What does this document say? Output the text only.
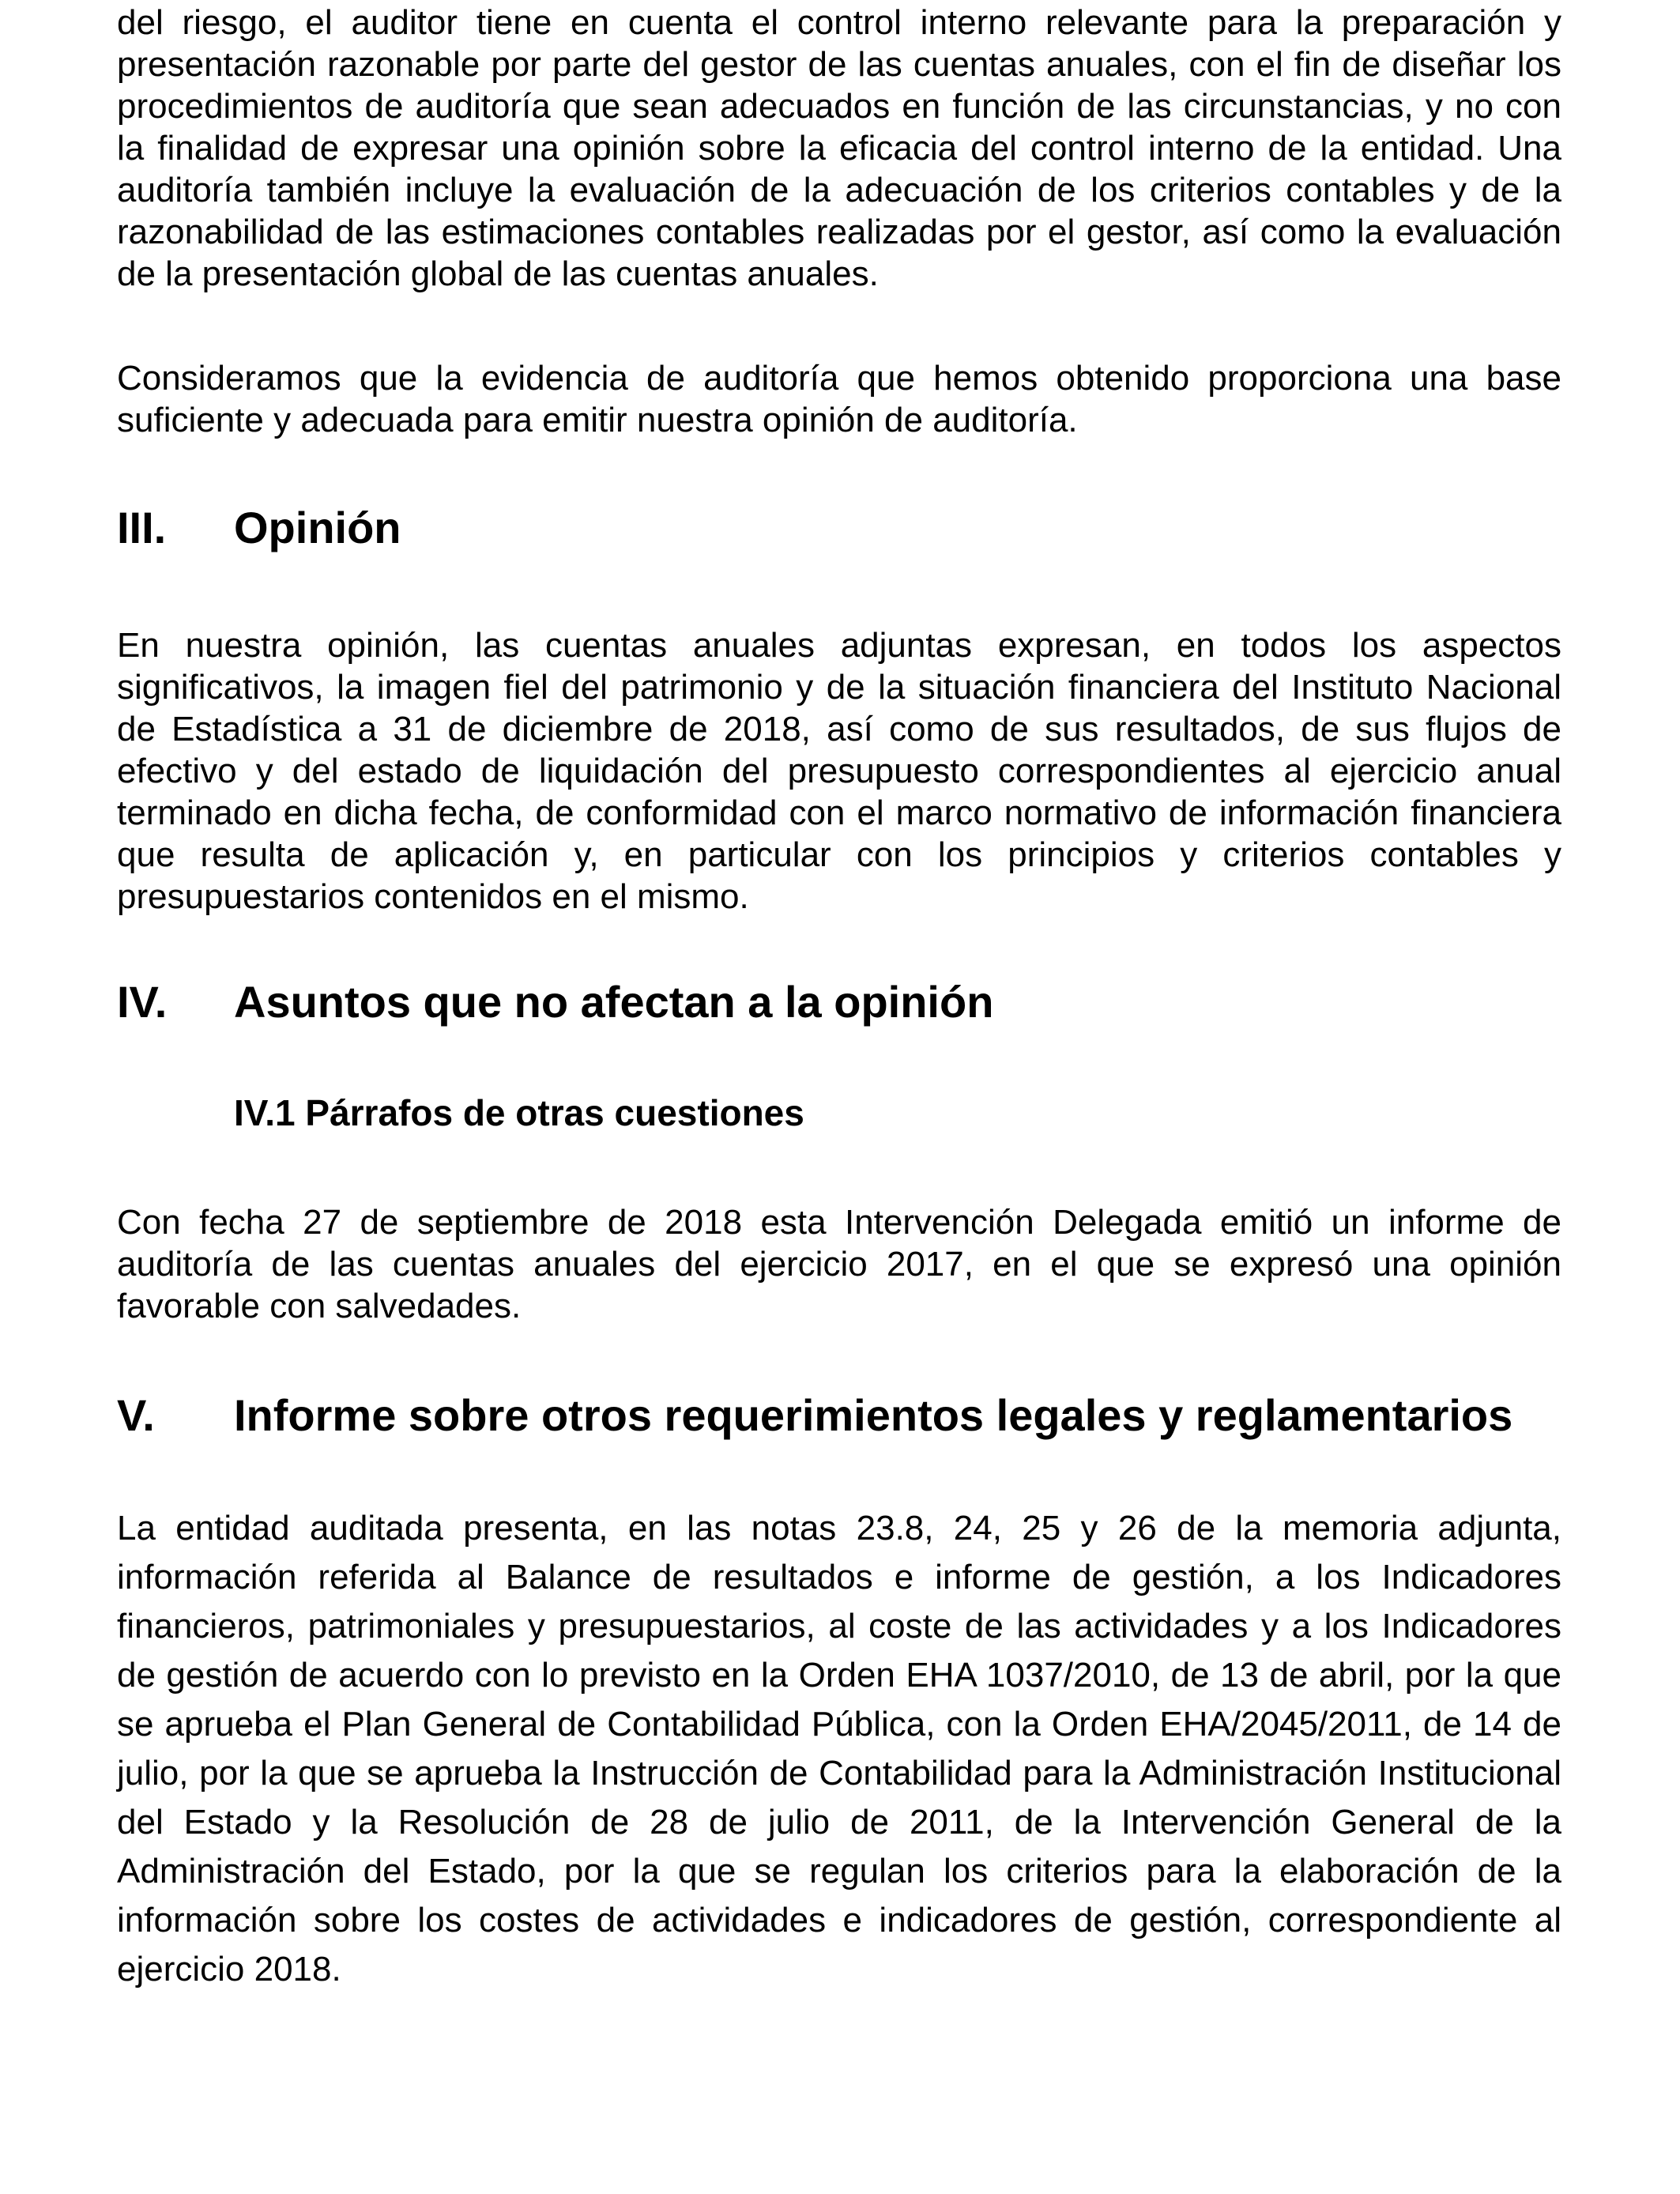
del riesgo, el auditor tiene en cuenta el control interno relevante para la preparación y presentación razonable por parte del gestor de las cuentas anuales, con el fin de diseñar los procedimientos de auditoría que sean adecuados en función de las circunstancias, y no con la finalidad de expresar una opinión sobre la eficacia del control interno de la entidad. Una auditoría también incluye la evaluación de la adecuación de los criterios contables y de la razonabilidad de las estimaciones contables realizadas por el gestor, así como la evaluación de la presentación global de las cuentas anuales.

Consideramos que la evidencia de auditoría que hemos obtenido proporciona una base suficiente y adecuada para emitir nuestra opinión de auditoría.

III. Opinión

En nuestra opinión, las cuentas anuales adjuntas expresan, en todos los aspectos significativos, la imagen fiel del patrimonio y de la situación financiera del Instituto Nacional de Estadística a 31 de diciembre de 2018, así como de sus resultados, de sus flujos de efectivo y del estado de liquidación del presupuesto correspondientes al ejercicio anual terminado en dicha fecha, de conformidad con el marco normativo de información financiera que resulta de aplicación y, en particular con los principios y criterios contables y presupuestarios contenidos en el mismo.

IV. Asuntos que no afectan a la opinión
IV.1 Párrafos de otras cuestiones

Con fecha 27 de septiembre de 2018 esta Intervención Delegada emitió un informe de auditoría de las cuentas anuales del ejercicio 2017, en el que se expresó una opinión favorable con salvedades.

V. Informe sobre otros requerimientos legales y reglamentarios

La entidad auditada presenta, en las notas 23.8, 24, 25 y 26 de la memoria adjunta, información referida al Balance de resultados e informe de gestión, a los Indicadores financieros, patrimoniales y presupuestarios, al coste de las actividades y a los Indicadores de gestión de acuerdo con lo previsto en la Orden EHA 1037/2010, de 13 de abril, por la que se aprueba el Plan General de Contabilidad Pública, con la Orden EHA/2045/2011, de 14 de julio, por la que se aprueba la Instrucción de Contabilidad para la Administración Institucional del Estado y la Resolución de 28 de julio de 2011, de la Intervención General de la Administración del Estado, por la que se regulan los criterios para la elaboración de la información sobre los costes de actividades e indicadores de gestión, correspondiente al ejercicio 2018.
